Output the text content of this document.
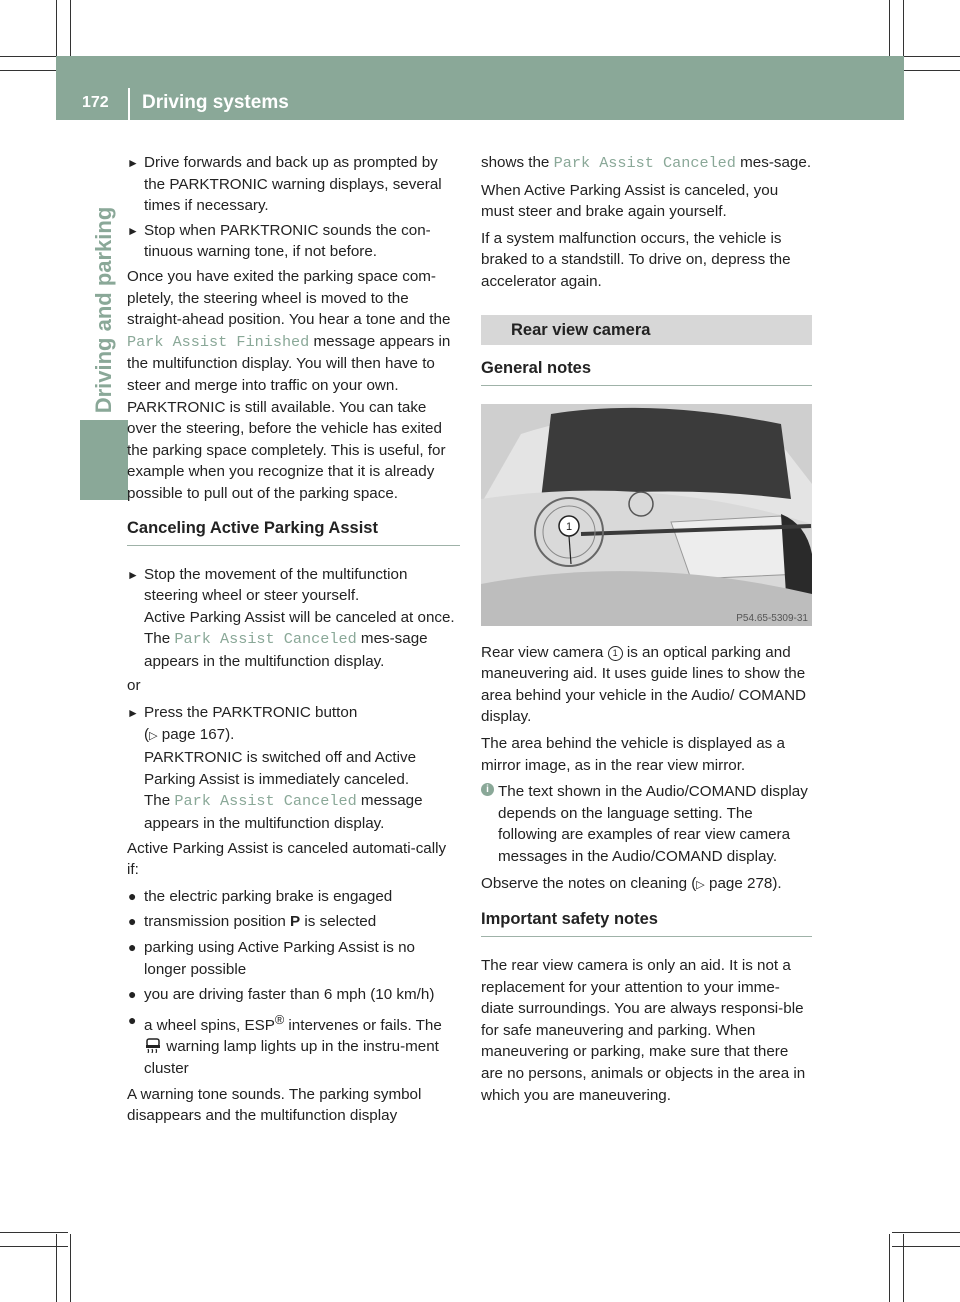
172	Driving systems
Driving and parking

► Drive forwards and back up as prompted by the PARKTRONIC warning displays, several times if necessary.

► Stop when PARKTRONIC sounds the con-tinuous warning tone, if not before.

Once you have exited the parking space com-pletely, the steering wheel is moved to the straight-ahead position. You hear a tone and the Park Assist Finished message appears in the multifunction display. You will then have to steer and merge into traffic on your own. PARKTRONIC is still available. You can take over the steering, before the vehicle has exited the parking space completely. This is useful, for example when you recognize that it is already possible to pull out of the parking space.

Canceling Active Parking Assist

► Stop the movement of the multifunction steering wheel or steer yourself.
Active Parking Assist will be canceled at once. The Park Assist Canceled mes-sage appears in the multifunction display.

or

► Press the PARKTRONIC button
(▷ page 167).
PARKTRONIC is switched off and Active Parking Assist is immediately canceled.
The Park Assist Canceled message appears in the multifunction display.

Active Parking Assist is canceled automati-cally if:

● the electric parking brake is engaged

● transmission position P is selected

● parking using Active Parking Assist is no longer possible

● you are driving faster than 6 mph (10 km/h)

● a wheel spins, ESP® intervenes or fails. The
warning lamp lights up in the instru-ment cluster

A warning tone sounds. The parking symbol disappears and the multifunction display

shows the Park Assist Canceled mes-sage.

When Active Parking Assist is canceled, you must steer and brake again yourself.

If a system malfunction occurs, the vehicle is braked to a standstill. To drive on, depress the accelerator again.

Rear view camera
General notes
1
P54.65-5309-31

Rear view camera 1 is an optical parking and maneuvering aid. It uses guide lines to show the area behind your vehicle in the Audio/ COMAND display.

The area behind the vehicle is displayed as a mirror image, as in the rear view mirror.

i The text shown in the Audio/COMAND display depends on the language setting. The following are examples of rear view camera messages in the Audio/COMAND display.

Observe the notes on cleaning (▷ page 278).

Important safety notes

The rear view camera is only an aid. It is not a replacement for your attention to your imme-diate surroundings. You are always responsi-ble for safe maneuvering and parking. When maneuvering or parking, make sure that there are no persons, animals or objects in the area in which you are maneuvering.
